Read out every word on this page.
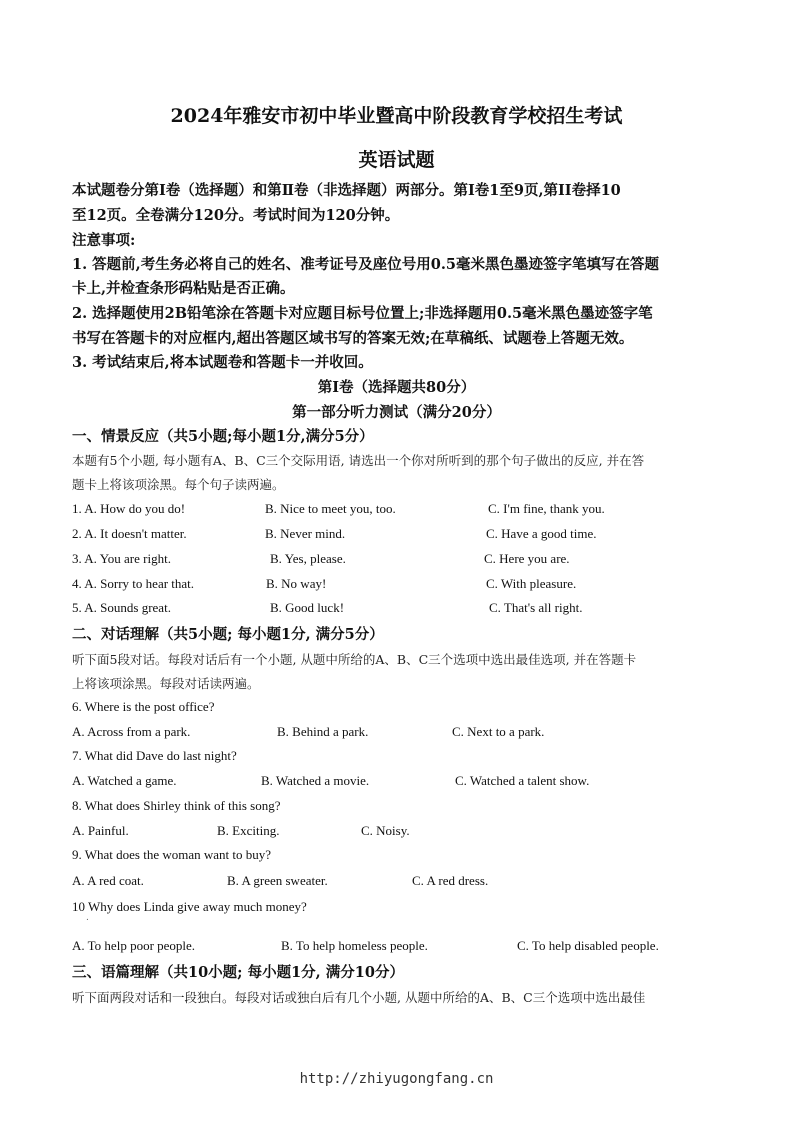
2024年雅安市初中毕业暨高中阶段教育学校招生考试
英语试题
本试题卷分第Ⅰ卷（选择题）和第Ⅱ卷（非选择题）两部分。第Ⅰ卷1至9页,第II卷择10
至12页。全卷满分120分。考试时间为120分钟。
注意事项:
1. 答题前,考生务必将自己的姓名、准考证号及座位号用0.5毫米黑色墨迹签字笔填写在答题
卡上,并检查条形码粘贴是否正确。
2. 选择题使用2B铅笔涂在答题卡对应题目标号位置上;非选择题用0.5毫米黑色墨迹签字笔
书写在答题卡的对应框内,超出答题区域书写的答案无效;在草稿纸、试题卷上答题无效。
3. 考试结束后,将本试题卷和答题卡一并收回。
第I卷（选择题共80分）
第一部分听力测试（满分20分）
一、情景反应（共5小题;每小题1分,满分5分）
本题有5个小题, 每小题有A、B、C三个交际用语, 请选出一个你对所听到的那个句子做出的反应, 并在答
题卡上将该项涂黑。每个句子读两遍。
1. A. How do you do!	B. Nice to meet you, too.	C. I'm fine, thank you.
2. A. It doesn't matter.	B. Never mind.	C. Have a good time.
3. A. You are right.	B. Yes, please.	C. Here you are.
4. A. Sorry to hear that.	B. No way!	C. With pleasure.
5. A. Sounds great.	B. Good luck!	C. That's all right.
二、对话理解（共5小题; 每小题1分, 满分5分）
听下面5段对话。每段对话后有一个小题, 从题中所给的A、B、C三个选项中选出最佳选项, 并在答题卡
上将该项涂黑。每段对话读两遍。
6. Where is the post office?
A. Across from a park.	B. Behind a park.	C. Next to a park.
7. What did Dave do last night?
A. Watched a game.	B. Watched a movie.	C. Watched a talent show.
8. What does Shirley think of this song?
A. Painful.	B. Exciting.	C. Noisy.
9. What does the woman want to buy?
A. A red coat.	B. A green sweater.	C. A red dress.
10 Why does Linda give away much money?
.
A. To help poor people.	B. To help homeless people.	C. To help disabled people.
三、语篇理解（共10小题; 每小题1分, 满分10分）
听下面两段对话和一段独白。每段对话或独白后有几个小题, 从题中所给的A、B、C三个选项中选出最佳
http://zhiyugongfang.cn
